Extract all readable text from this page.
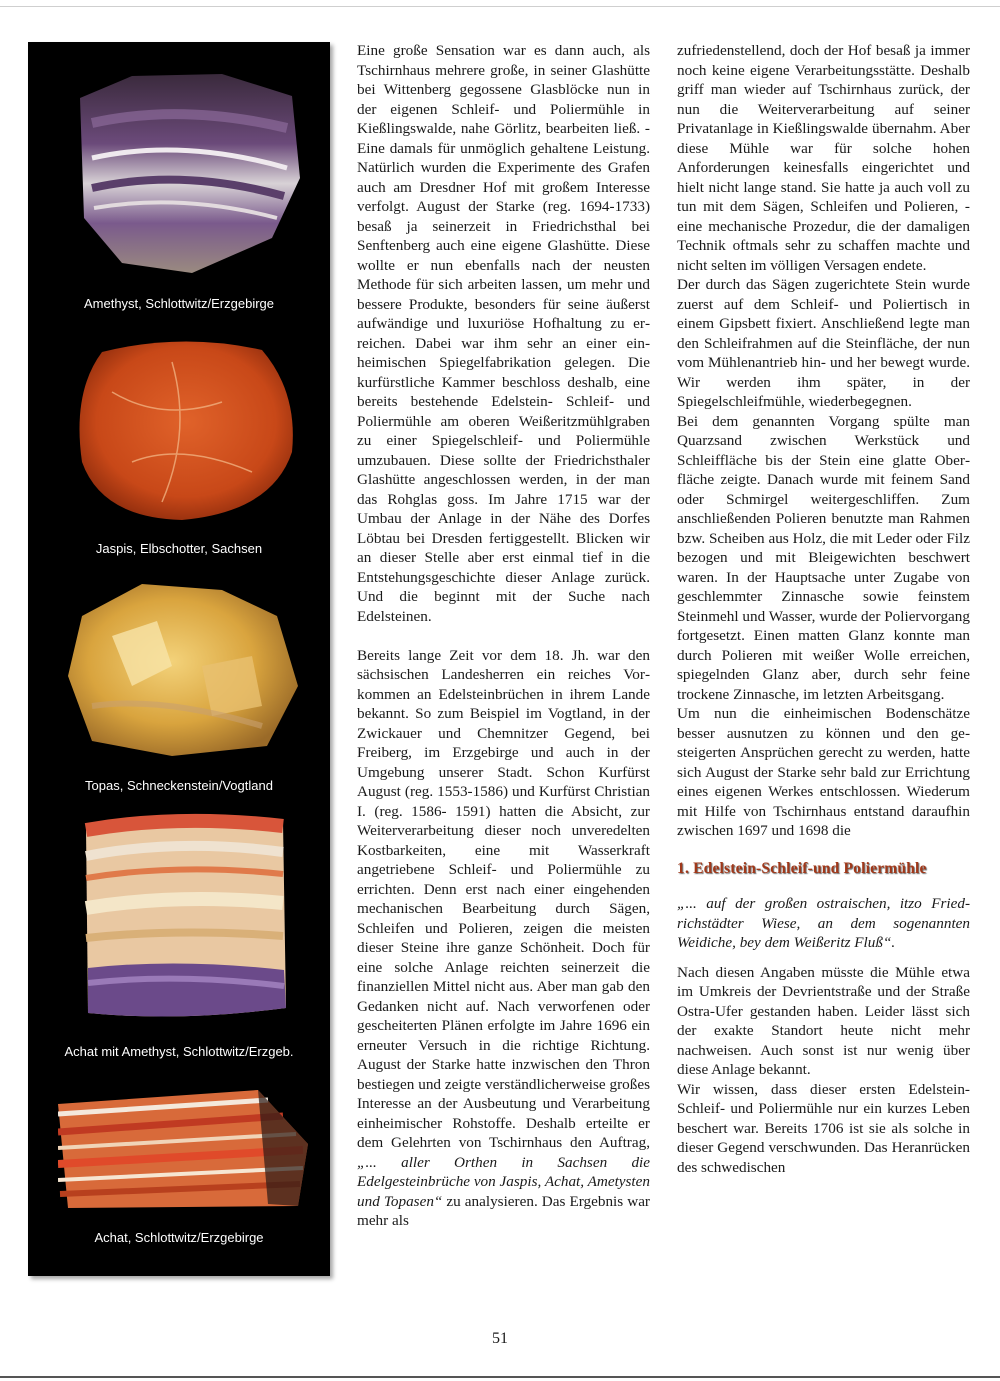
Amethyst, Schlottwitz/Erzgebirge
Jaspis, Elbschotter, Sachsen
Topas, Schneckenstein/Vogtland
Achat mit Amethyst, Schlottwitz/Erzgeb.
Achat, Schlottwitz/Erzgebirge

Eine große Sensation war es dann auch, als Tschirnhaus mehrere große, in seiner Glashütte bei Wittenberg gegossene Glasblöcke nun in der eigenen Schleif- und Poliermühle in Kießlingswalde, nahe Görlitz, bearbeiten ließ. - Eine damals für unmöglich gehaltene Leistung. Natürlich wurden die Experimente des Grafen auch am Dresdner Hof mit großem Interesse verfolgt. August der Starke (reg. 1694-1733) besaß ja seinerzeit in Friedrichsthal bei Senftenberg auch eine eigene Glashütte. Diese wollte er nun ebenfalls nach der neusten Methode für sich arbeiten lassen, um mehr und bessere Produkte, besonders für seine äußerst aufwändige und luxuriöse Hofhaltung zu erreichen. Dabei war ihm sehr an einer einheimischen Spiegelfabrikation gelegen. Die kurfürstliche Kammer beschloss deshalb, eine bereits bestehende Edelstein- Schleif- und Poliermühle am oberen Weißeritzmühlgraben zu einer Spiegelschleif- und Poliermühle umzubauen. Diese sollte der Friedrichsthaler Glashütte angeschlossen werden, in der man das Rohglas goss. Im Jahre 1715 war der Umbau der Anlage in der Nähe des Dorfes Löbtau bei Dresden fertiggestellt. Blicken wir an dieser Stelle aber erst einmal tief in die Entstehungsgeschichte dieser Anlage zurück. Und die beginnt mit der Suche nach Edelsteinen.

Bereits lange Zeit vor dem 18. Jh. war den sächsischen Landesherren ein reiches Vorkommen an Edelsteinbrüchen in ihrem Lande bekannt. So zum Beispiel im Vogtland, in der Zwickauer und Chemnitzer Gegend, bei Freiberg, im Erzgebirge und auch in der Umgebung unserer Stadt. Schon Kurfürst August (reg. 1553-1586) und Kurfürst Christian I. (reg. 1586- 1591) hatten die Absicht, zur Weiterverarbeitung dieser noch unveredelten Kostbarkeiten, eine mit Wasserkraft angetriebene Schleif- und Poliermühle zu errichten. Denn erst nach einer eingehenden mechanischen Bearbeitung durch Sägen, Schleifen und Polieren, zeigen die meisten dieser Steine ihre ganze Schönheit. Doch für eine solche Anlage reichten seinerzeit die finanziellen Mittel nicht aus. Aber man gab den Gedanken nicht auf. Nach verworfenen oder gescheiterten Plänen erfolgte im Jahre 1696 ein erneuter Versuch in die richtige Richtung. August der Starke hatte inzwischen den Thron bestiegen und zeigte verständlicherweise großes Interesse an der Ausbeutung und Verarbeitung einheimischer Rohstoffe. Deshalb erteilte er dem Gelehrten von Tschirnhaus den Auftrag, „... aller Orthen in Sachsen die Edelgesteinbrüche von Jaspis, Achat, Ametysten und Topasen“ zu analysieren. Das Ergebnis war mehr als

zufriedenstellend, doch der Hof besaß ja immer noch keine eigene Verarbeitungsstätte. Deshalb griff man wieder auf Tschirnhaus zurück, der nun die Weiterverarbeitung auf seiner Privatanlage in Kießlingswalde übernahm. Aber diese Mühle war für solche hohen Anforderungen keinesfalls eingerichtet und hielt nicht lange stand. Sie hatte ja auch voll zu tun mit dem Sägen, Schleifen und Polieren, - eine mechanische Prozedur, die der damaligen Technik oftmals sehr zu schaffen machte und nicht selten im völligen Versagen endete.

Der durch das Sägen zugerichtete Stein wurde zuerst auf dem Schleif- und Poliertisch in einem Gipsbett fixiert. Anschließend legte man den Schleifrahmen auf die Steinfläche, der nun vom Mühlenantrieb hin- und her bewegt wurde. Wir werden ihm später, in der Spiegelschleifmühle, wiederbegegnen.

Bei dem genannten Vorgang spülte man Quarzsand zwischen Werkstück und Schleiffläche bis der Stein eine glatte Oberfläche zeigte. Danach wurde mit feinem Sand oder Schmirgel weitergeschliffen. Zum anschließenden Polieren benutzte man Rahmen bzw. Scheiben aus Holz, die mit Leder oder Filz bezogen und mit Bleigewichten beschwert waren. In der Hauptsache unter Zugabe von geschlemmter Zinnasche sowie feinstem Steinmehl und Wasser, wurde der Poliervorgang fortgesetzt. Einen matten Glanz konnte man durch Polieren mit weißer Wolle erreichen, spiegelnden Glanz aber, durch sehr feine trockene Zinnasche, im letzten Arbeitsgang.

Um nun die einheimischen Bodenschätze besser ausnutzen zu können und den gesteigerten Ansprüchen gerecht zu werden, hatte sich August der Starke sehr bald zur Errichtung eines eigenen Werkes entschlossen. Wiederum mit Hilfe von Tschirnhaus entstand daraufhin zwischen 1697 und 1698 die

1. Edelstein-Schleif-und Poliermühle

„... auf der großen ostraischen, itzo Friedrichstädter Wiese, an dem sogenannten Weidiche, bey dem Weißeritz Fluß“.

Nach diesen Angaben müsste die Mühle etwa im Umkreis der Devrientstraße und der Straße Ostra-Ufer gestanden haben. Leider lässt sich der exakte Standort heute nicht mehr nachweisen. Auch sonst ist nur wenig über diese Anlage bekannt.

Wir wissen, dass dieser ersten Edelstein-Schleif- und Poliermühle nur ein kurzes Leben beschert war. Bereits 1706 ist sie als solche in dieser Gegend verschwunden. Das Heranrücken des schwedischen

51
